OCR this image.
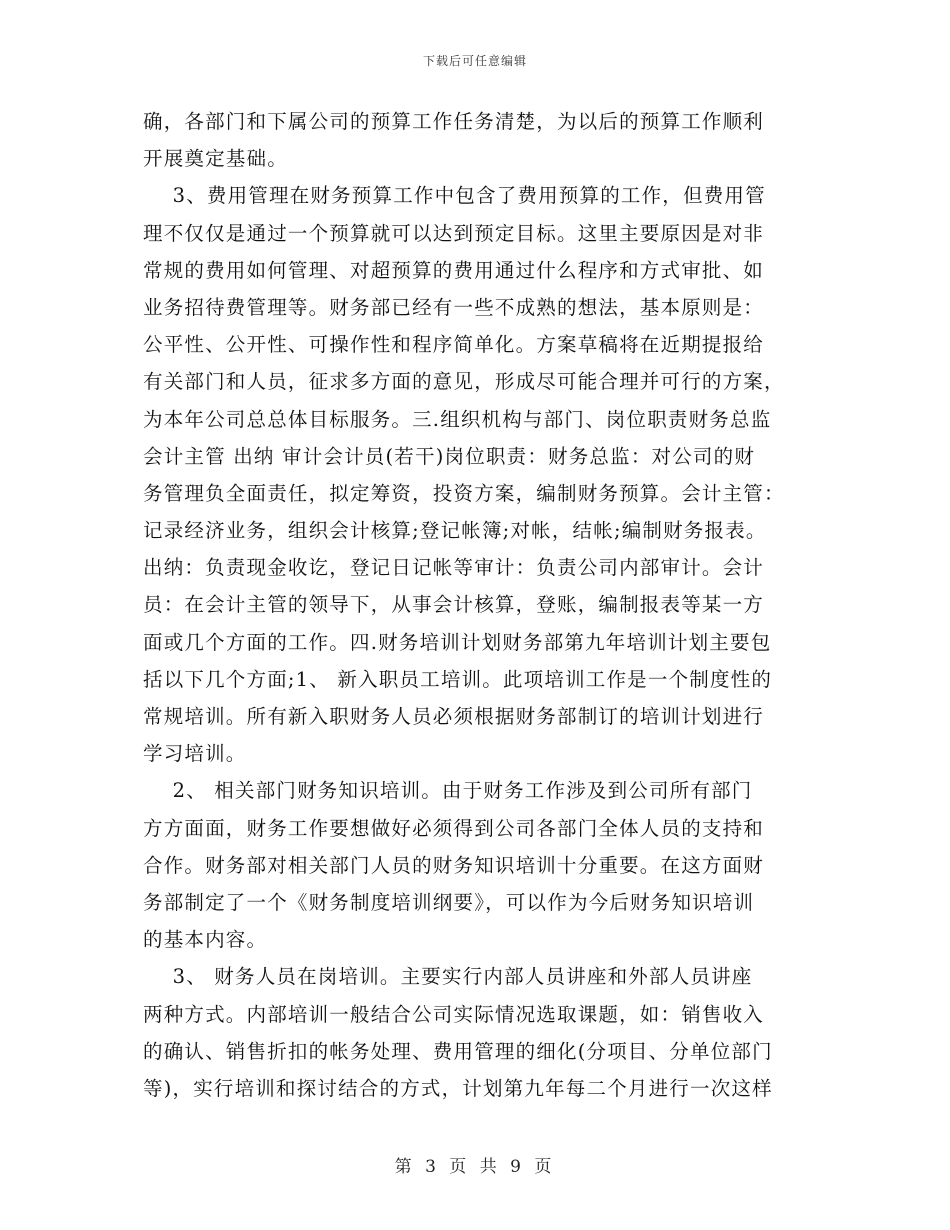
下载后可任意编辑
确，各部门和下属公司的预算工作任务清楚，为以后的预算工作顺利
开展奠定基础。
3、费用管理在财务预算工作中包含了费用预算的工作，但费用管
理不仅仅是通过一个预算就可以达到预定目标。这里主要原因是对非
常规的费用如何管理、对超预算的费用通过什么程序和方式审批、如
业务招待费管理等。财务部已经有一些不成熟的想法，基本原则是：
公平性、公开性、可操作性和程序简单化。方案草稿将在近期提报给
有关部门和人员，征求多方面的意见，形成尽可能合理并可行的方案，
为本年公司总总体目标服务。三.组织机构与部门、岗位职责财务总监
会计主管 出纳 审计会计员(若干)岗位职责：财务总监：对公司的财
务管理负全面责任，拟定筹资，投资方案，编制财务预算。会计主管：
记录经济业务，组织会计核算;登记帐簿;对帐，结帐;编制财务报表。
出纳：负责现金收讫，登记日记帐等审计：负责公司内部审计。会计
员：在会计主管的领导下，从事会计核算，登账，编制报表等某一方
面或几个方面的工作。四.财务培训计划财务部第九年培训计划主要包
括以下几个方面;1、 新入职员工培训。此项培训工作是一个制度性的
常规培训。所有新入职财务人员必须根据财务部制订的培训计划进行
学习培训。
2、 相关部门财务知识培训。由于财务工作涉及到公司所有部门
方方面面，财务工作要想做好必须得到公司各部门全体人员的支持和
合作。财务部对相关部门人员的财务知识培训十分重要。在这方面财
务部制定了一个《财务制度培训纲要》，可以作为今后财务知识培训
的基本内容。
3、 财务人员在岗培训。主要实行内部人员讲座和外部人员讲座
两种方式。内部培训一般结合公司实际情况选取课题，如：销售收入
的确认、销售折扣的帐务处理、费用管理的细化(分项目、分单位部门
等)，实行培训和探讨结合的方式，计划第九年每二个月进行一次这样
第 3 页 共 9 页
